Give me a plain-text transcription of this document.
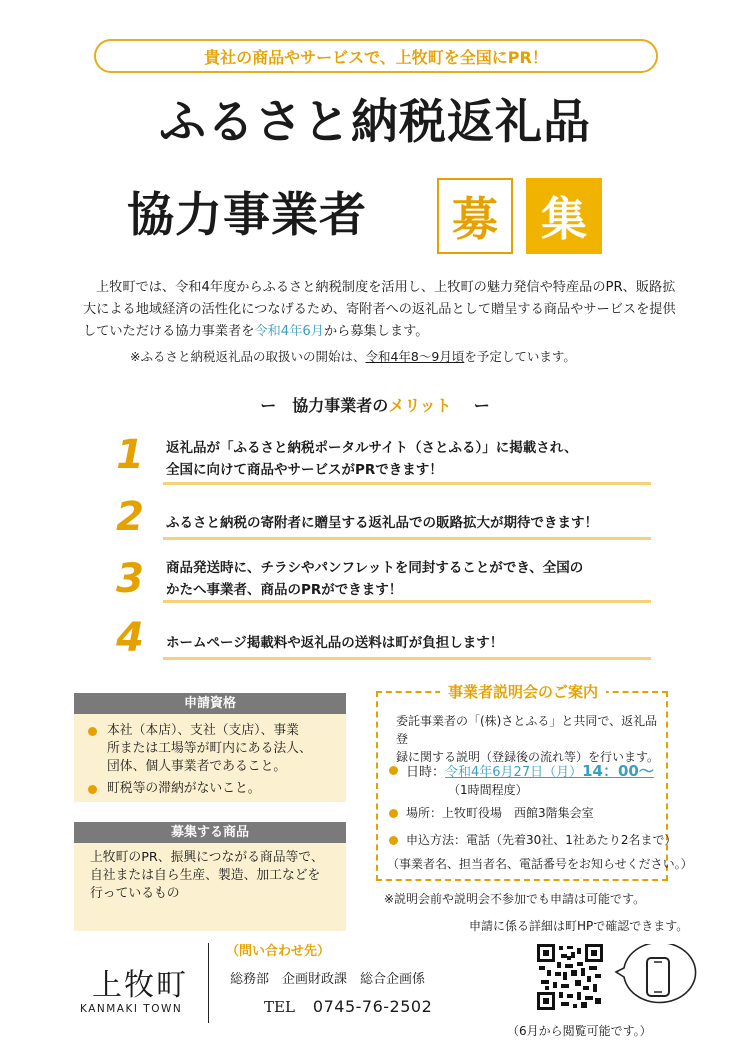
貴社の商品やサービスで、上牧町を全国にPR！
ふるさと納税返礼品
協力事業者	募 集
上牧町では、令和4年度からふるさと納税制度を活用し、上牧町の魅力発信や特産品のPR、販路拡大による地域経済の活性化につなげるため、寄附者への返礼品として贈呈する商品やサービスを提供していただける協力事業者を令和4年6月から募集します。
※ふるさと納税返礼品の取扱いの開始は、令和4年8～9月頃を予定しています。
ー　協力事業者のメリット ー
1	返礼品が「ふるさと納税ポータルサイト（さとふる）」に掲載され、
全国に向けて商品やサービスがPRできます！
2	ふるさと納税の寄附者に贈呈する返礼品での販路拡大が期待できます！
3	商品発送時に、チラシやパンフレットを同封することができ、全国の
かたへ事業者、商品のPRができます！
4	ホームページ掲載料や返礼品の送料は町が負担します！
申請資格
本社（本店）、支社（支店）、事業
所または工場等が町内にある法人、
団体、個人事業者であること。
町税等の滞納がないこと。
募集する商品
上牧町のPR、振興につながる商品等で、
自社または自ら生産、製造、加工などを
行っているもの
事業者説明会のご案内
委託事業者の「(株)さとふる」と共同で、返礼品登
録に関する説明（登録後の流れ等）を行います。
日時： 令和4年6月27日（月） 14：00～
（1時間程度）
場所： 上牧町役場　西館3階集会室
申込方法： 電話（先着30社、1社あたり2名まで）
（事業者名、担当者名、電話番号をお知らせください。）
※説明会前や説明会不参加でも申請は可能です。
申請に係る詳細は町HPで確認できます。
上牧町
KANMAKI TOWN
（問い合わせ先）
総務部　企画財政課　総合企画係
TEL 0745-76-2502
（6月から閲覧可能です。）
